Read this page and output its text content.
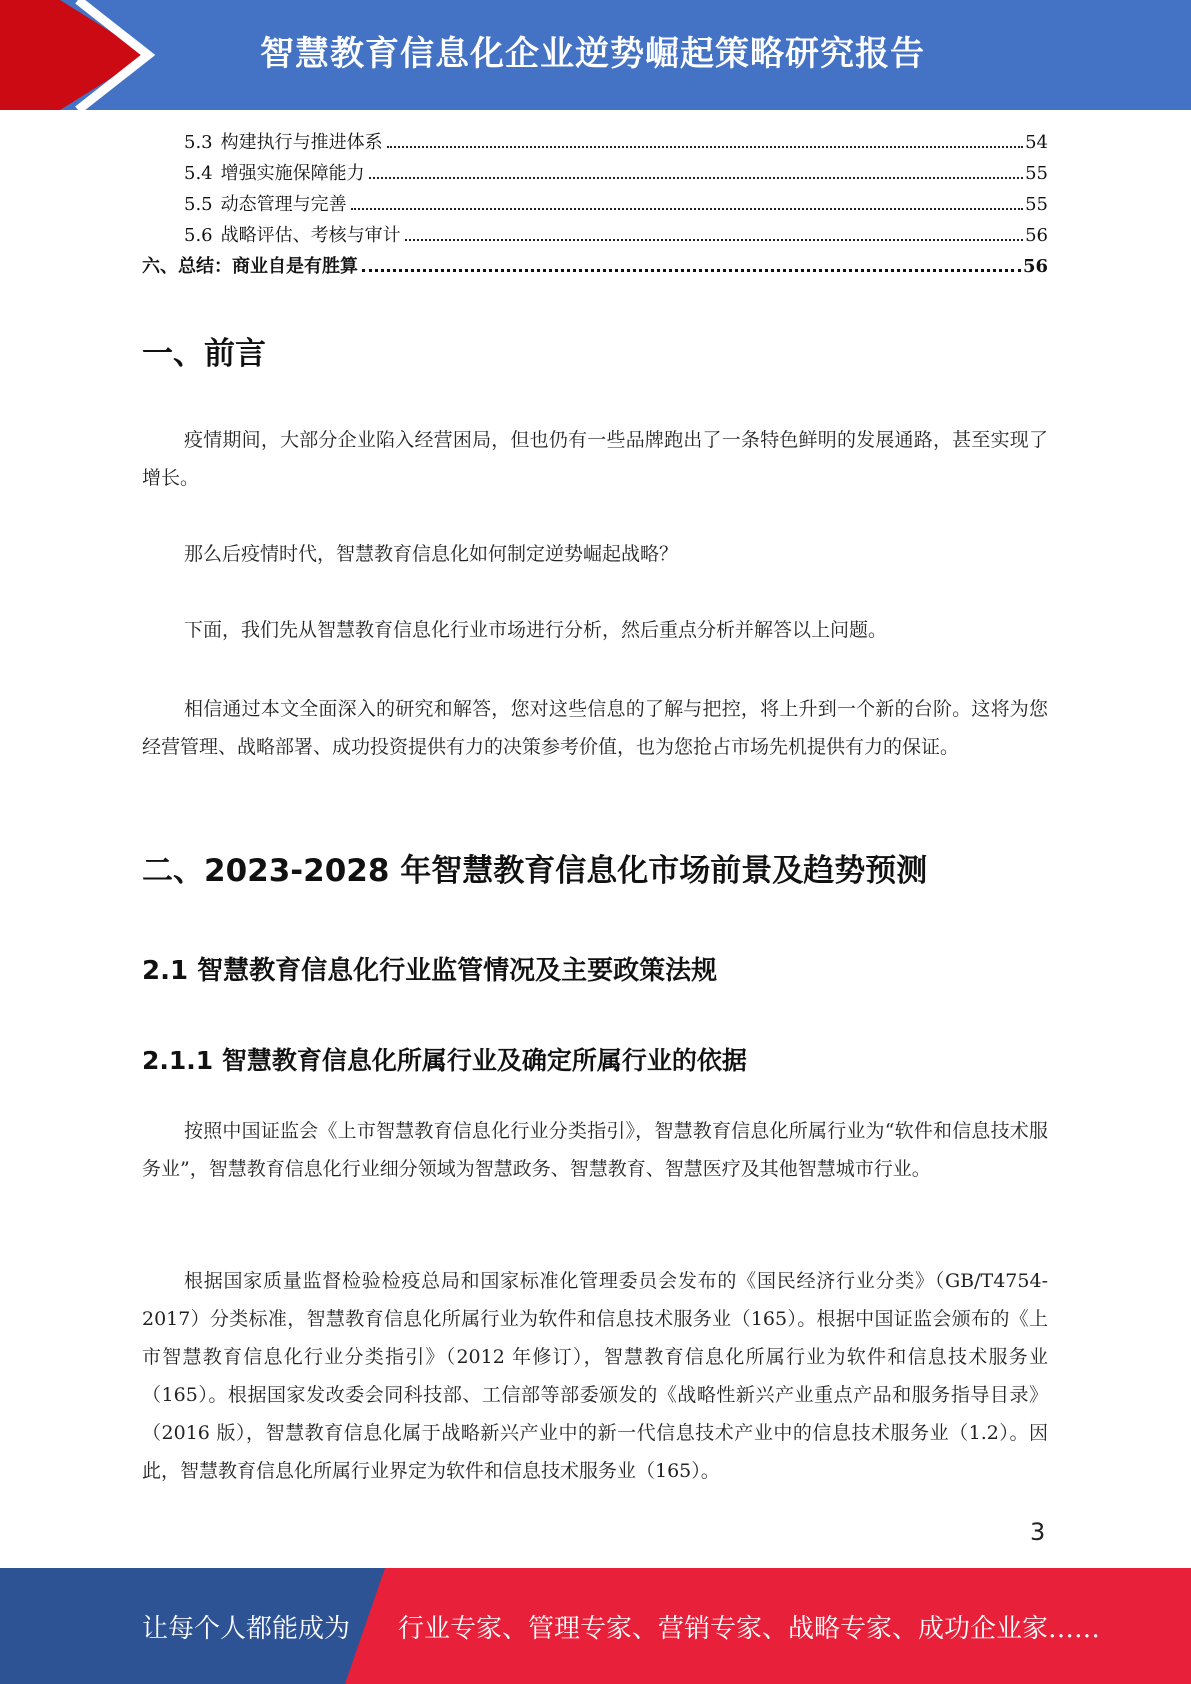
智慧教育信息化企业逆势崛起策略研究报告
5.3 构建执行与推进体系	54
5.4 增强实施保障能力	55
5.5 动态管理与完善	55
5.6 战略评估、考核与审计	56
六、总结：商业自是有胜算	56
一、前言

疫情期间，大部分企业陷入经营困局，但也仍有一些品牌跑出了一条特色鲜明的发展通路，甚至实现了增长。

那么后疫情时代，智慧教育信息化如何制定逆势崛起战略？

下面，我们先从智慧教育信息化行业市场进行分析，然后重点分析并解答以上问题。

相信通过本文全面深入的研究和解答，您对这些信息的了解与把控，将上升到一个新的台阶。这将为您经营管理、战略部署、成功投资提供有力的决策参考价值，也为您抢占市场先机提供有力的保证。

二、2023-2028 年智慧教育信息化市场前景及趋势预测
2.1 智慧教育信息化行业监管情况及主要政策法规
2.1.1 智慧教育信息化所属行业及确定所属行业的依据

按照中国证监会《上市智慧教育信息化行业分类指引》，智慧教育信息化所属行业为“软件和信息技术服务业”，智慧教育信息化行业细分领域为智慧政务、智慧教育、智慧医疗及其他智慧城市行业。

根据国家质量监督检验检疫总局和国家标准化管理委员会发布的《国民经济行业分类》（GB/T4754-2017）分类标准，智慧教育信息化所属行业为软件和信息技术服务业（165）。根据中国证监会颁布的《上市智慧教育信息化行业分类指引》（2012 年修订），智慧教育信息化所属行业为软件和信息技术服务业（165）。根据国家发改委会同科技部、工信部等部委颁发的《战略性新兴产业重点产品和服务指导目录》（2016 版），智慧教育信息化属于战略新兴产业中的新一代信息技术产业中的信息技术服务业（1.2）。因此，智慧教育信息化所属行业界定为软件和信息技术服务业（165）。

3
让每个人都能成为 行业专家、管理专家、营销专家、战略专家、成功企业家……
